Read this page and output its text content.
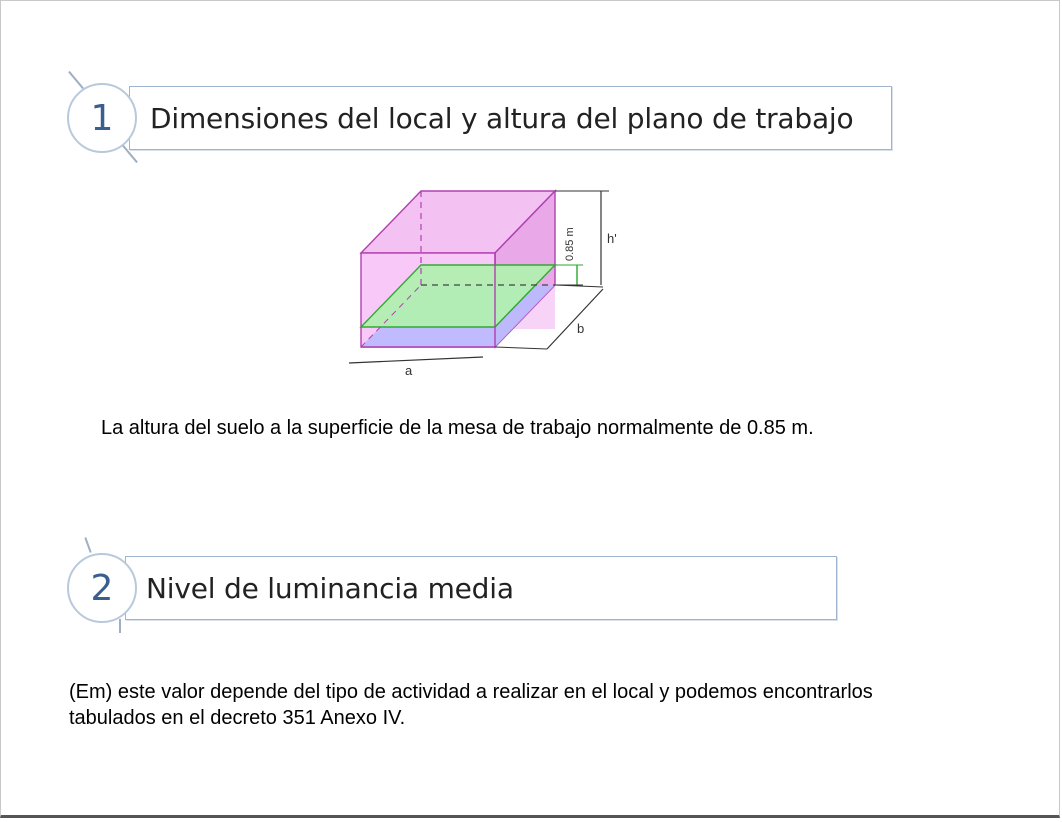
Dimensiones del local y altura del plano de trabajo
1
a
b
h'
0.85 m
La altura del suelo a la superficie de la mesa de trabajo normalmente de 0.85 m.
Nivel de luminancia media
2
(Em) este valor depende del tipo de actividad a realizar en el local y podemos encontrarlos tabulados en el decreto 351 Anexo IV.
